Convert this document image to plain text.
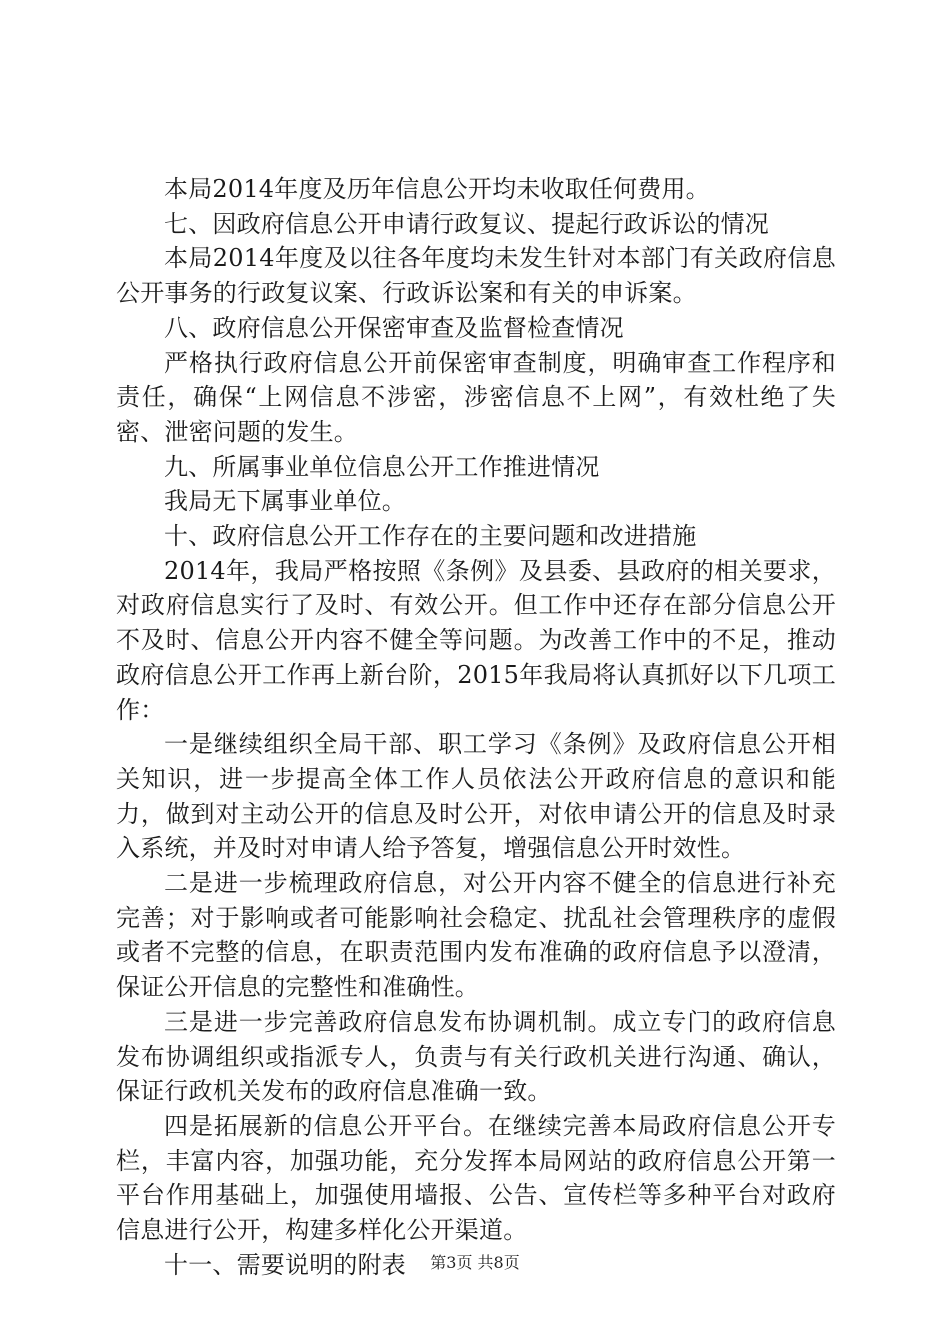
本局2014年度及历年信息公开均未收取任何费用。

七、因政府信息公开申请行政复议、提起行政诉讼的情况

本局2014年度及以往各年度均未发生针对本部门有关政府信息公开事务的行政复议案、行政诉讼案和有关的申诉案。

八、政府信息公开保密审查及监督检查情况

严格执行政府信息公开前保密审查制度，明确审查工作程序和责任，确保“上网信息不涉密，涉密信息不上网”，有效杜绝了失密、泄密问题的发生。

九、所属事业单位信息公开工作推进情况

我局无下属事业单位。

十、政府信息公开工作存在的主要问题和改进措施

2014年，我局严格按照《条例》及县委、县政府的相关要求，对政府信息实行了及时、有效公开。但工作中还存在部分信息公开不及时、信息公开内容不健全等问题。为改善工作中的不足，推动政府信息公开工作再上新台阶，2015年我局将认真抓好以下几项工作：

一是继续组织全局干部、职工学习《条例》及政府信息公开相关知识，进一步提高全体工作人员依法公开政府信息的意识和能力，做到对主动公开的信息及时公开，对依申请公开的信息及时录入系统，并及时对申请人给予答复，增强信息公开时效性。

二是进一步梳理政府信息，对公开内容不健全的信息进行补充完善；对于影响或者可能影响社会稳定、扰乱社会管理秩序的虚假或者不完整的信息，在职责范围内发布准确的政府信息予以澄清，保证公开信息的完整性和准确性。

三是进一步完善政府信息发布协调机制。成立专门的政府信息发布协调组织或指派专人，负责与有关行政机关进行沟通、确认，保证行政机关发布的政府信息准确一致。

四是拓展新的信息公开平台。在继续完善本局政府信息公开专栏，丰富内容，加强功能，充分发挥本局网站的政府信息公开第一平台作用基础上，加强使用墙报、公告、宣传栏等多种平台对政府信息进行公开，构建多样化公开渠道。

十一、需要说明的附表	第3页 共8页
